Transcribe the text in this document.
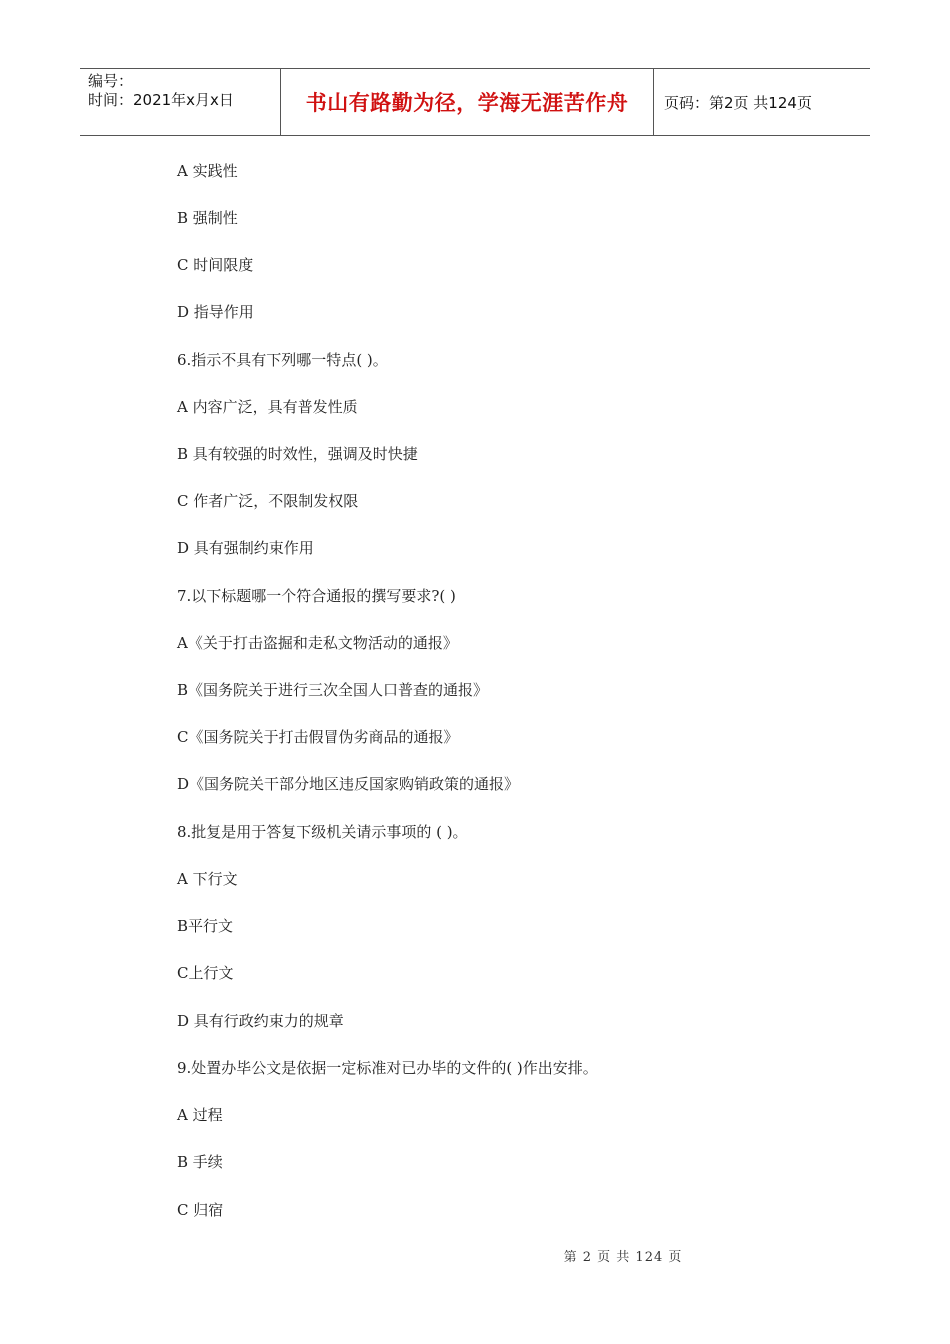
编号：
时间：2021年x月x日	书山有路勤为径，学海无涯苦作舟	页码：第2页 共124页
A 实践性
B 强制性
C 时间限度
D 指导作用
6.指示不具有下列哪一特点( )。
A 内容广泛，具有普发性质
B 具有较强的时效性，强调及时快捷
C 作者广泛，不限制发权限
D 具有强制约束作用
7.以下标题哪一个符合通报的撰写要求?( )
A《关于打击盗掘和走私文物活动的通报》
B《国务院关于进行三次全国人口普查的通报》
C《国务院关于打击假冒伪劣商品的通报》
D《国务院关干部分地区违反国家购销政策的通报》
8.批复是用于答复下级机关请示事项的 ( )。
A 下行文
B平行文
C上行文
D 具有行政约束力的规章
9.处置办毕公文是依据一定标准对已办毕的文件的( )作出安排。
A 过程
B 手续
C 归宿
第 2 页 共 124 页
